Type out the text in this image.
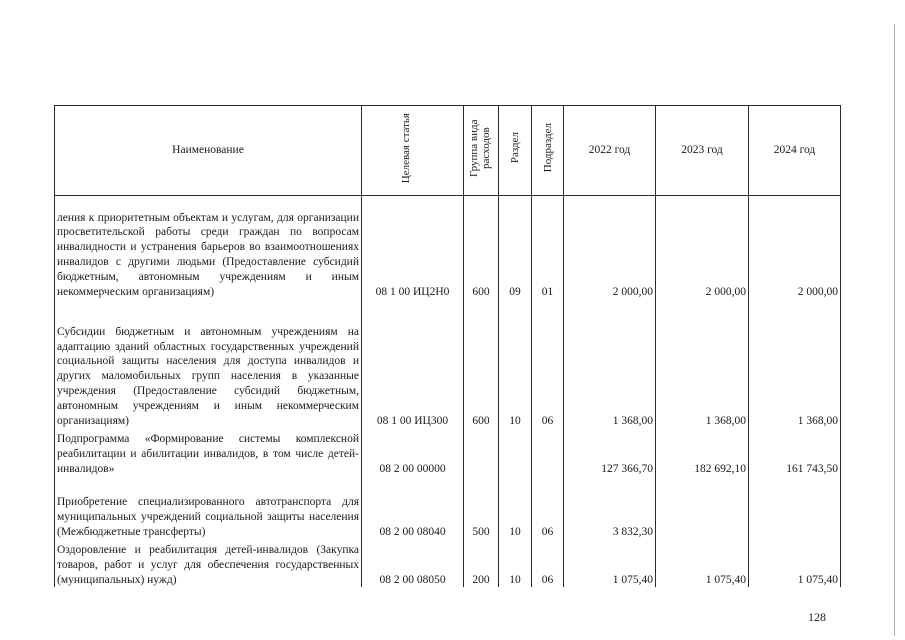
Наименование	Целевая статья	Группа вида расходов	Раздел	Подраздел	2022 год	2023 год	2024 год
ления к приоритетным объектам и услугам, для организации просветительской работы среди граждан по вопросам инвалидности и устранения барьеров во взаимоотношениях инвалидов с другими людьми (Предоставление субсидий бюджетным, автономным учреждениям и иным некоммерческим организациям)	08 1 00 ИЦ2Н0	600	09	01	2 000,00	2 000,00	2 000,00
Субсидии бюджетным и автономным учреждениям на адаптацию зданий областных государственных учреждений социальной защиты населения для доступа инвалидов и других маломобильных групп населения в указанные учреждения (Предоставление субсидий бюджетным, автономным учреждениям и иным некоммерческим организациям)	08 1 00 ИЦ300	600	10	06	1 368,00	1 368,00	1 368,00
Подпрограмма «Формирование системы комплексной реабилитации и абилитации инвалидов, в том числе детей-инвалидов»	08 2 00 00000				127 366,70	182 692,10	161 743,50
Приобретение специализированного автотранспорта для муниципальных учреждений социальной защиты населения (Межбюджетные трансферты)	08 2 00 08040	500	10	06	3 832,30		
Оздоровление и реабилитация детей-инвалидов (Закупка товаров, работ и услуг для обеспечения государственных (муниципальных) нужд)	08 2 00 08050	200	10	06	1 075,40	1 075,40	1 075,40
128
